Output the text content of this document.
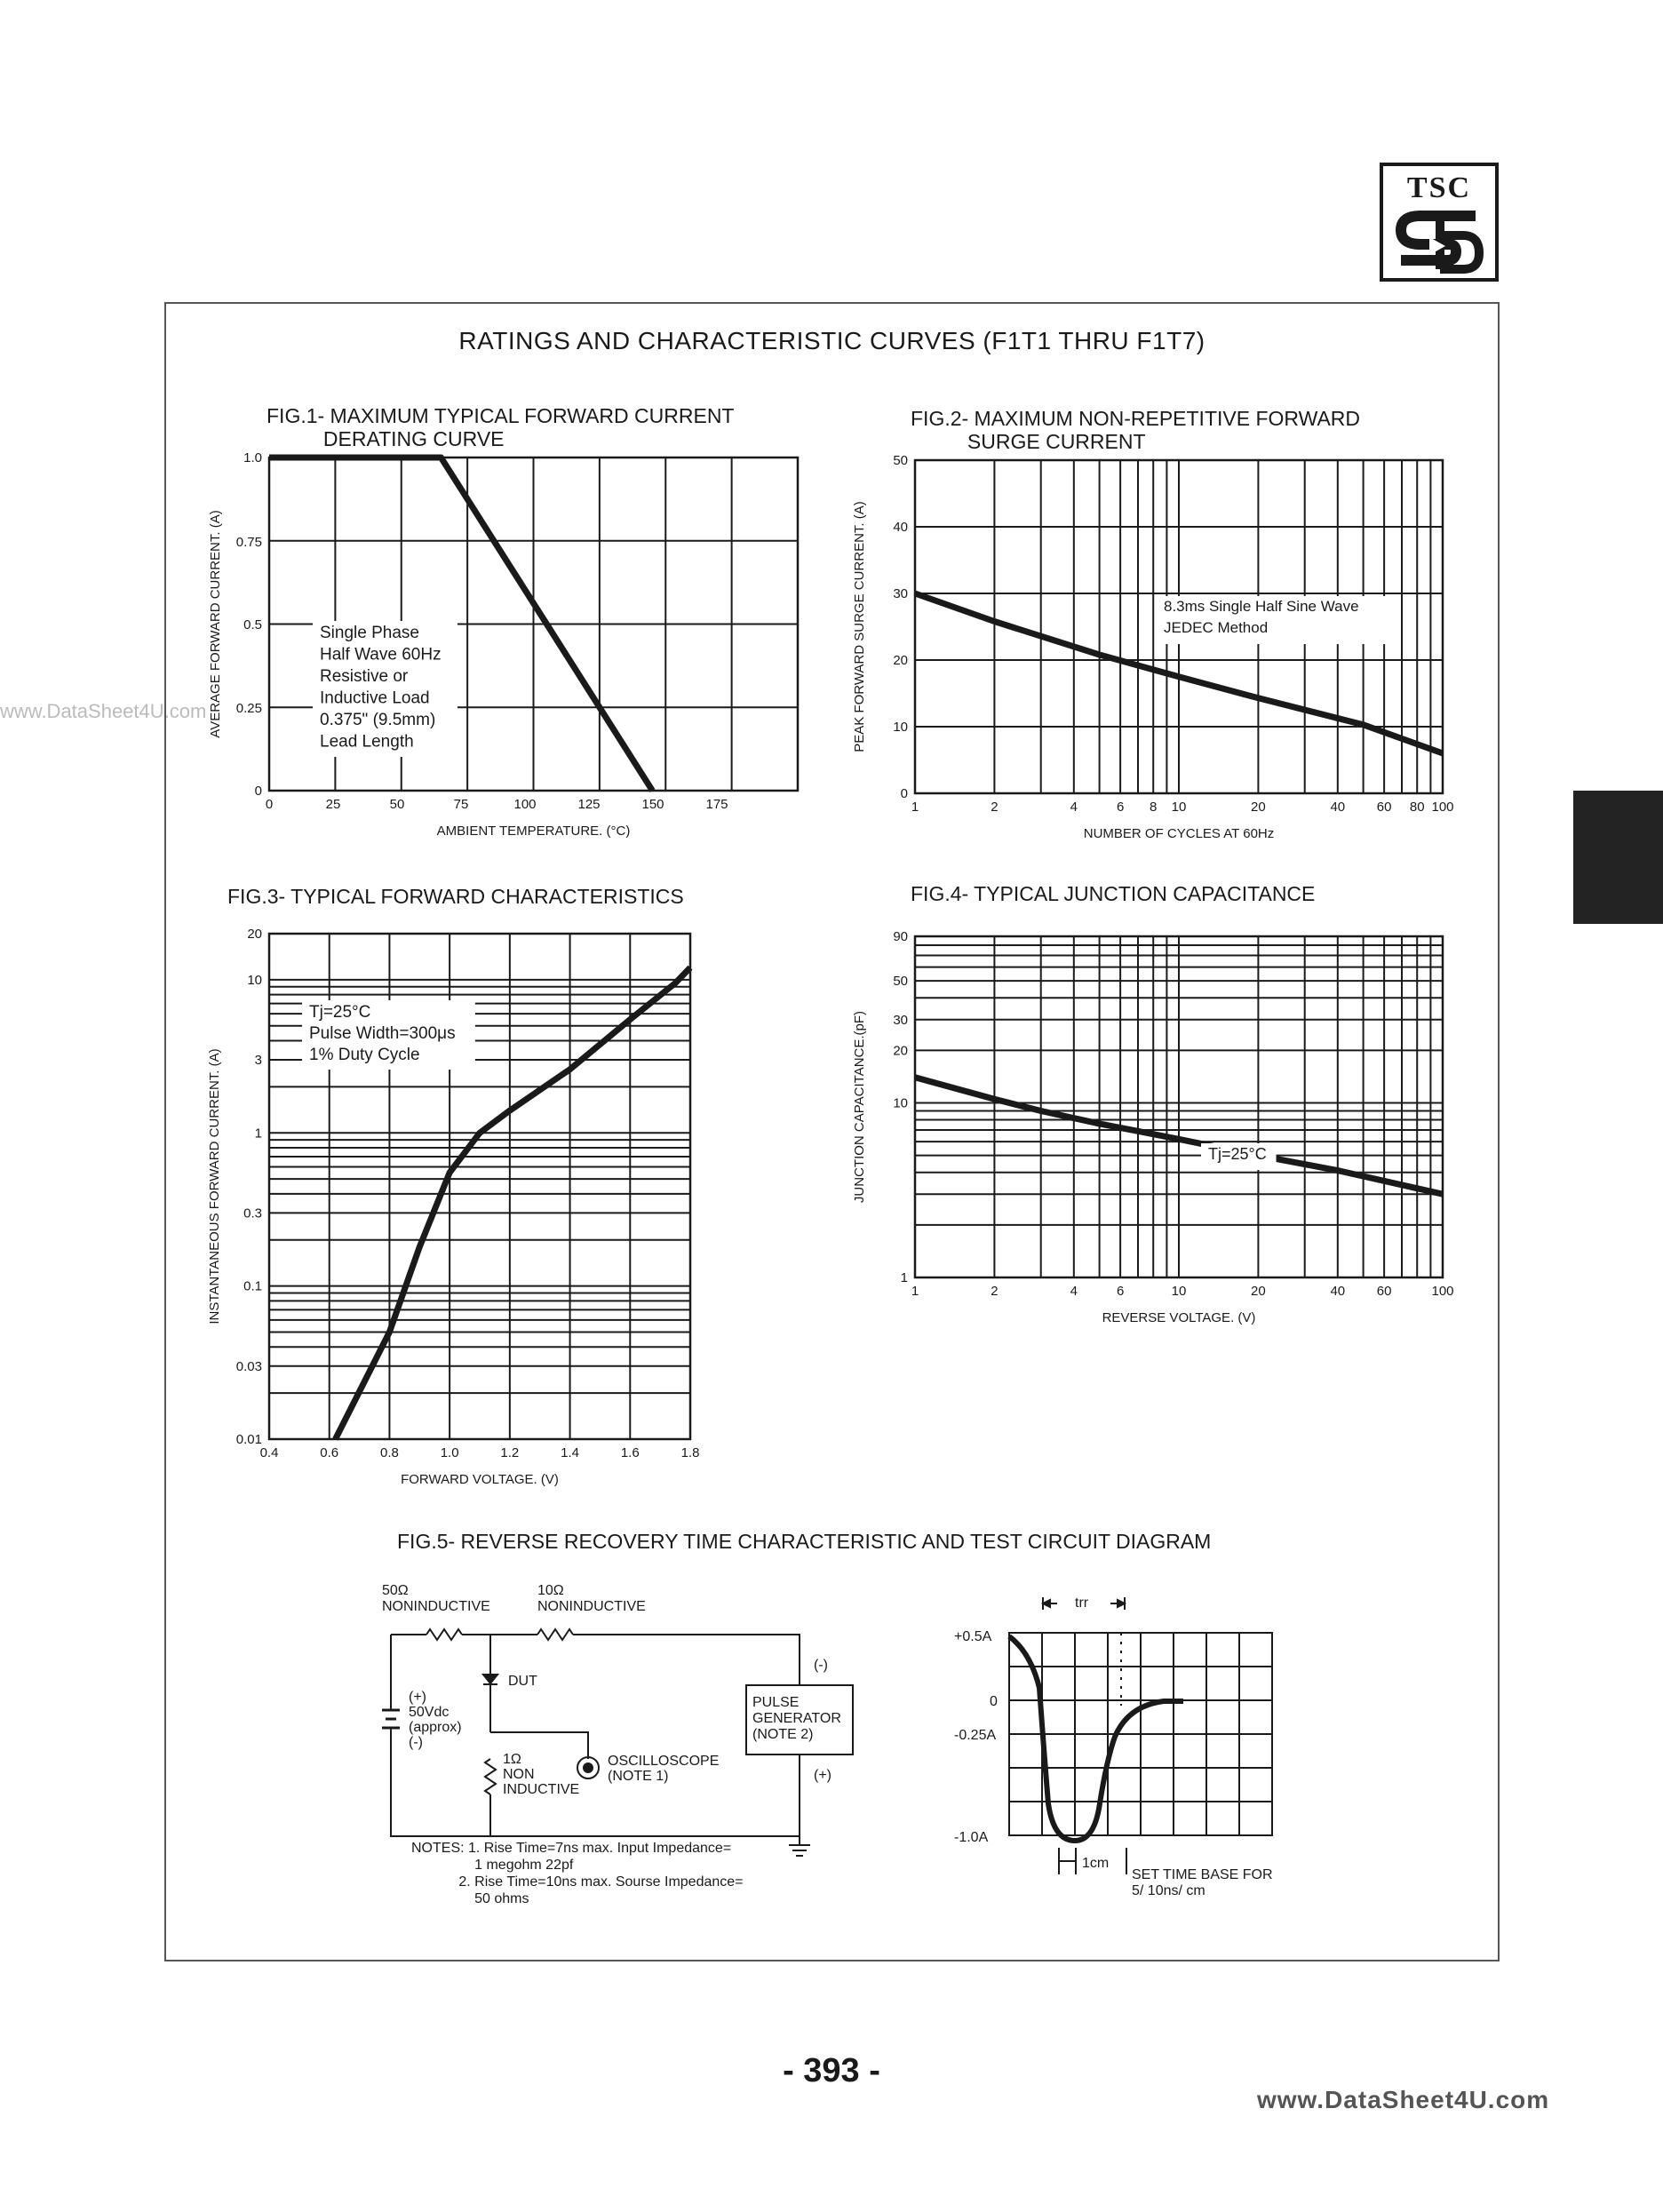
TSC
www.DataSheet4U.com
RATINGS AND CHARACTERISTIC CURVES (F1T1 THRU F1T7)
FIG.1- MAXIMUM TYPICAL FORWARD CURRENT
DERATING CURVE
FIG.2- MAXIMUM NON-REPETITIVE FORWARD
SURGE CURRENT
FIG.3- TYPICAL FORWARD CHARACTERISTICS	FIG.4- TYPICAL JUNCTION CAPACITANCE
FIG.5- REVERSE RECOVERY TIME CHARACTERISTIC AND TEST CIRCUIT DIAGRAM
0	25	50	75	100	125	150	175
0
0.25
0.5
0.75
1.0
AMBIENT TEMPERATURE. (°C)
AVERAGE FORWARD CURRENT. (A)	Single Phase
Half Wave 60Hz
Resistive or
Inductive Load
0.375" (9.5mm)
Lead Length
1	2	4	6 8 10	20	40 60 80 100
0
10
20
30
40
50
NUMBER OF CYCLES AT 60Hz
PEAK FORWARD SURGE CURRENT. (A)	8.3ms Single Half Sine Wave
JEDEC Method
0.4	0.6	0.8	1.0	1.2	1.4	1.6	1.8
0.01
0.03
0.1
0.3
1
3
10
20
FORWARD VOLTAGE. (V)
INSTANTANEOUS FORWARD CURRENT. (A)
Tj=25°C
Pulse Width=300μs
1% Duty Cycle
1	2	4	6	10	20	40 60	100
1
10
20
30
50
90
REVERSE VOLTAGE. (V)
JUNCTION CAPACITANCE.(pF)	Tj=25°C
50Ω
NONINDUCTIVE
10Ω
NONINDUCTIVE
DUT
(+)
50Vdc
(approx)
(-)
1Ω
NON
INDUCTIVE
OSCILLOSCOPE
(NOTE 1)
PULSE
GENERATOR
(NOTE 2)
(-)
(+)
NOTES: 1. Rise Time=7ns max. Input Impedance=
1 megohm 22pf
2. Rise Time=10ns max. Sourse Impedance=
50 ohms
trr
+0.5A
0
-0.25A
-1.0A
1cm
SET TIME BASE FOR
5/ 10ns/ cm
- 393 -
www.DataSheet4U.com
